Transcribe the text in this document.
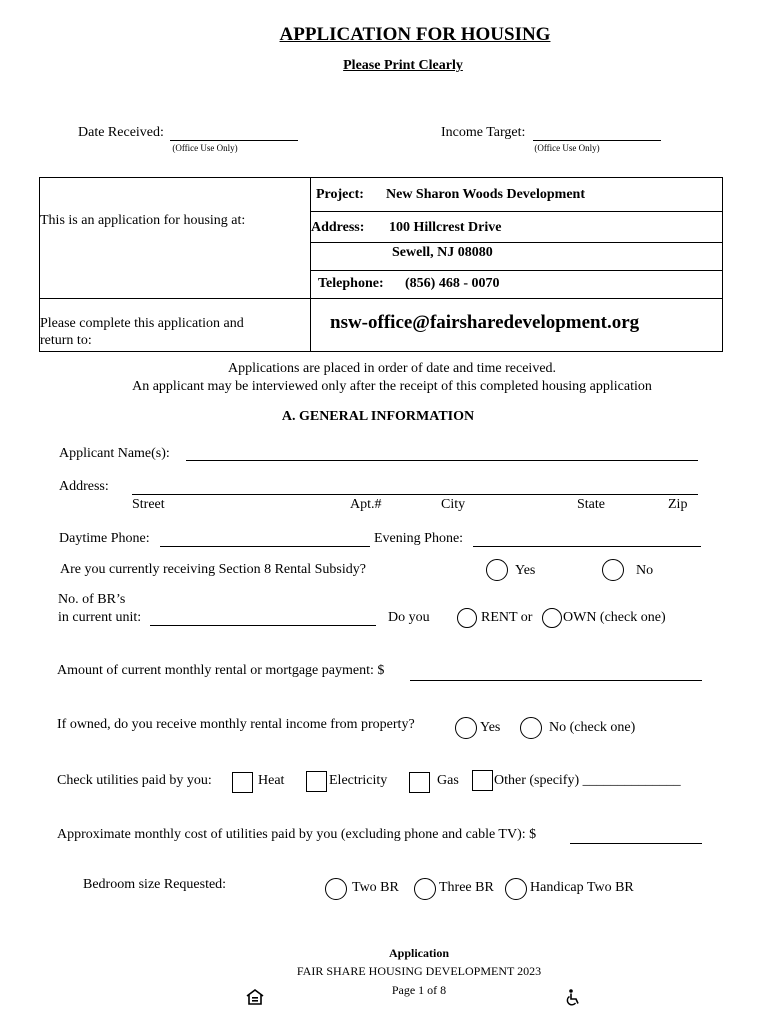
APPLICATION FOR HOUSING
Please Print Clearly
Date Received:
(Office Use Only)
Income Target:
(Office Use Only)
This is an application for housing at:
Project: New Sharon Woods Development
Address: 100 Hillcrest Drive
Sewell, NJ 08080
Telephone: (856) 468 - 0070
Please complete this application and
return to:
nsw-office@fairsharedevelopment.org
Applications are placed in order of date and time received.
An applicant may be interviewed only after the receipt of this completed housing application
A. GENERAL INFORMATION
Applicant Name(s):
Address:
Street	Apt.#	City	State	Zip
Daytime Phone:	Evening Phone:
Are you currently receiving Section 8 Rental Subsidy?	Yes	No
No. of BR’s
in current unit:	Do you	RENT or OWN (check one)
Amount of current monthly rental or mortgage payment: $
If owned, do you receive monthly rental income from property?	Yes	No (check one)
Check utilities paid by you:	Heat	Electricity	Gas	Other (specify) ______________
Approximate monthly cost of utilities paid by you (excluding phone and cable TV): $
Bedroom size Requested:	Two BR	Three BR	Handicap Two BR
Application
FAIR SHARE HOUSING DEVELOPMENT 2023
Page 1 of 8
